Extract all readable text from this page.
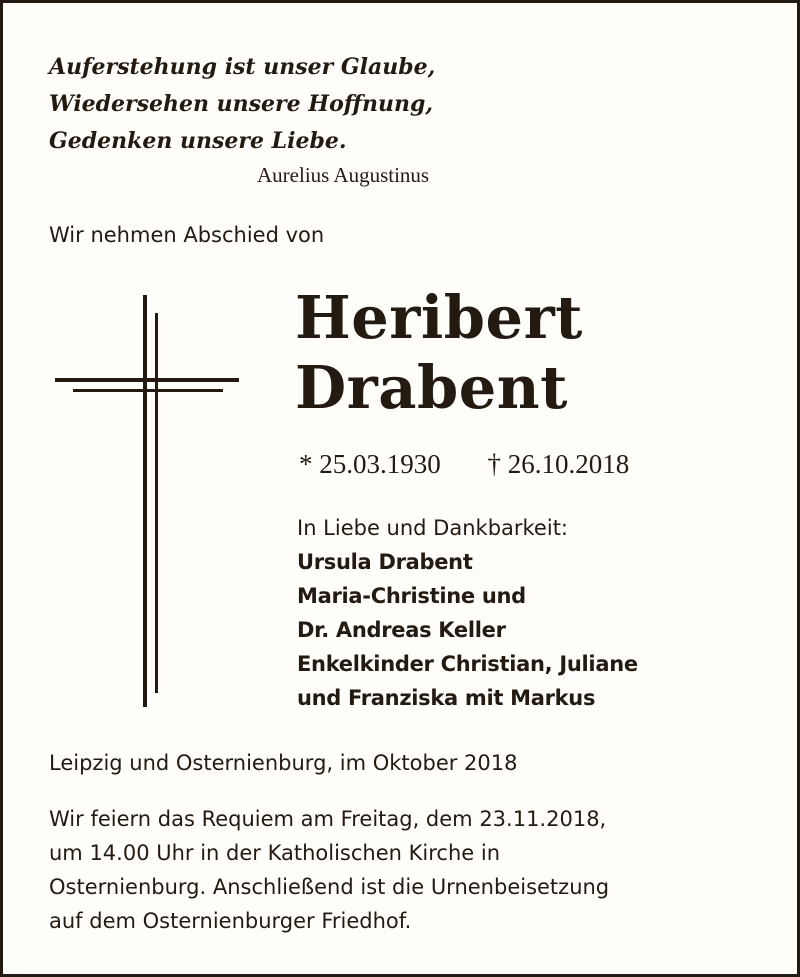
Auferstehung ist unser Glaube,
Wiedersehen unsere Hoffnung,
Gedenken unsere Liebe.
Aurelius Augustinus
Wir nehmen Abschied von
Heribert
Drabent
* 25.03.1930 † 26.10.2018
In Liebe und Dankbarkeit:
Ursula Drabent
Maria-Christine und
Dr. Andreas Keller
Enkelkinder Christian, Juliane
und Franziska mit Markus
Leipzig und Osternienburg, im Oktober 2018
Wir feiern das Requiem am Freitag, dem 23.11.2018,
um 14.00 Uhr in der Katholischen Kirche in
Osternienburg. Anschließend ist die Urnenbeisetzung
auf dem Osternienburger Friedhof.
